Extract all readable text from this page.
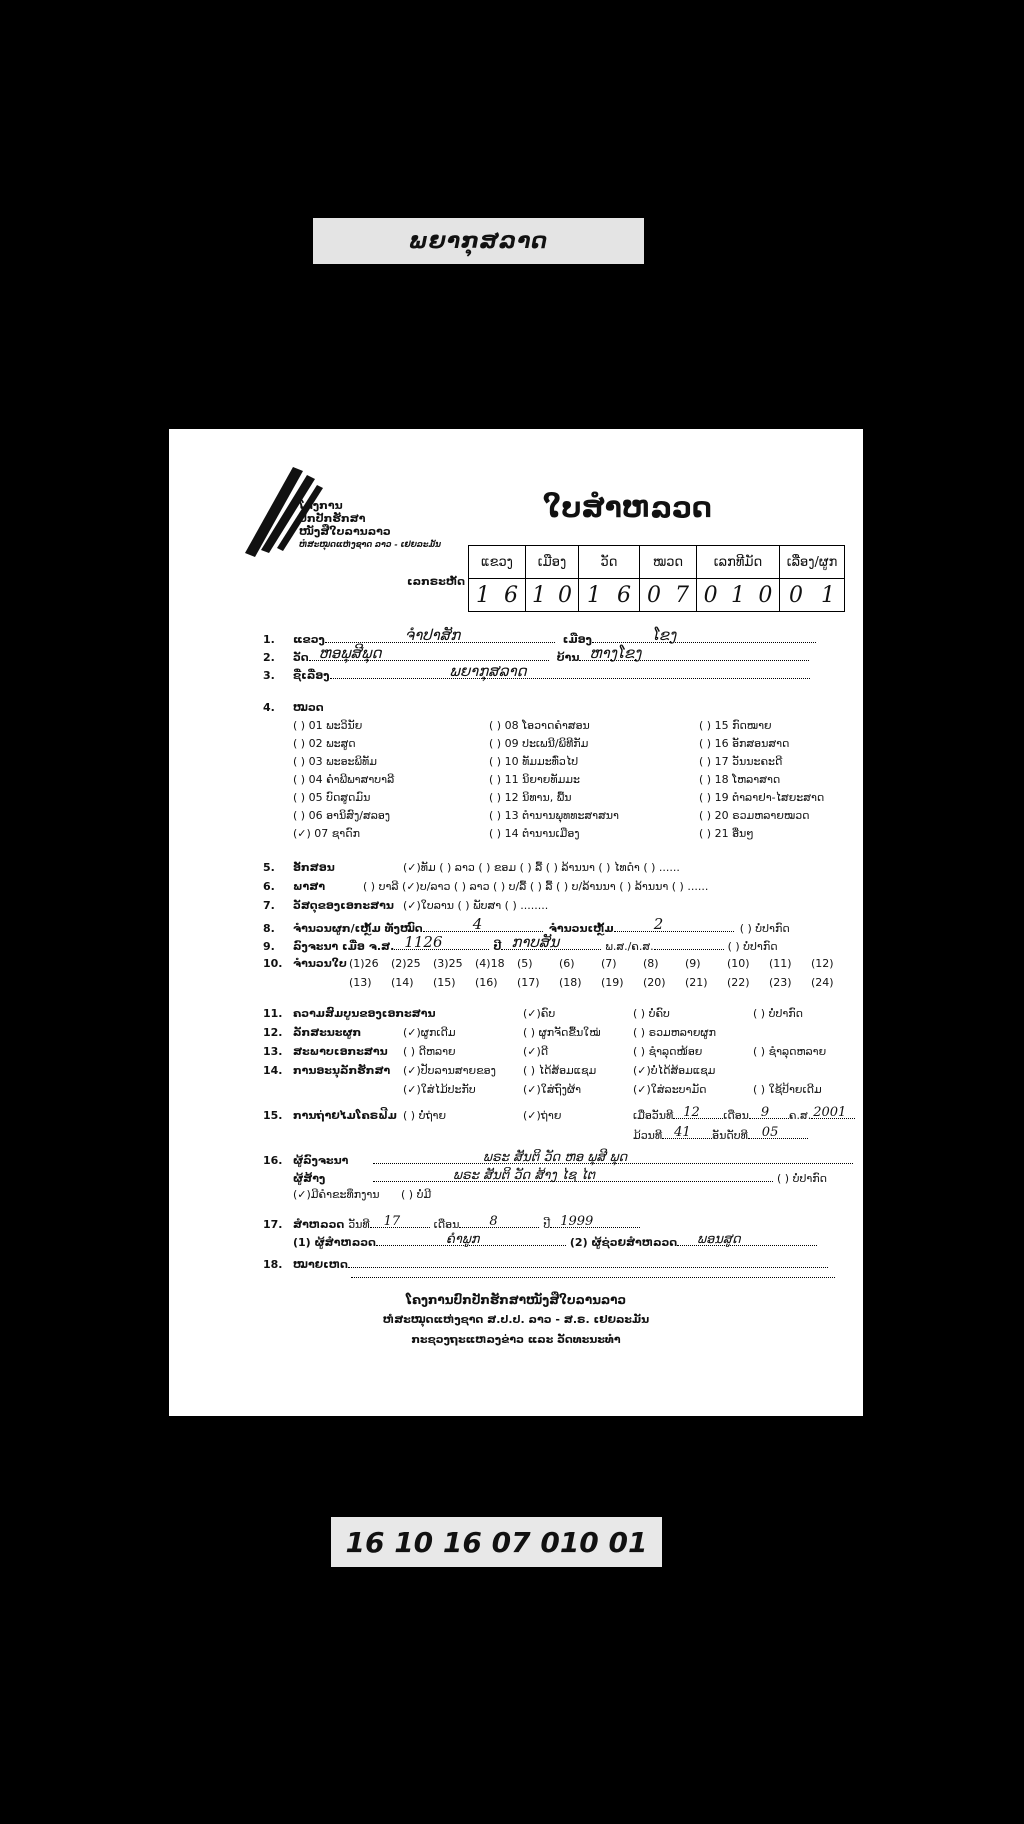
ພຍາກຸສລາດ
ໂຄງການ
ປົກປັກຮັກສາ
ໜັງສືໃບລານລາວ
ຫໍສະໝຸດແຫ່ງຊາດ ລາວ - ເຢຍລະມັນ
ໃບສຳຫລວດ
ເລກຣະຫັດ
ແຂວງ	ເມືອງ	ວັດ	ໝວດ	ເລກທີມັດ	ເລື່ອງ/ຜູກ

1 6	1 0	1 6	0 7	0 1 0	0 1
1.	ແຂວງ	ຈຳປາສັກ	ເມືອງ	ໂຂງ
2.	ວັດ ຫອພຸສີພຸດ	ບ້ານ ຫາງໂຂງ
3.	ຊື່ເລື່ອງ	ພຍາກຸສລາດ
4.	ໝວດ
( ) 01 ພະວິນັຍ	( ) 08 ໂອວາດຄຳສອນ	( ) 15 ກົດໝາຍ
( ) 02 ພະສູດ	( ) 09 ປະເພນີ/ພິທີກັມ	( ) 16 ອັກສອນສາດ
( ) 03 ພະອະພິທັມ	( ) 10 ທັມມະທົ່ວໄປ	( ) 17 ວັນນະຄະດີ
( ) 04 ຄຳພີພາສາບາລີ	( ) 11 ນິຍາຍທັມມະ	( ) 18 ໂຫລາສາດ
( ) 05 ບົດສູດມົນ	( ) 12 ນິທານ, ພື້ນ	( ) 19 ຕຳລາຢາ-ໄສຍະສາດ
( ) 06 ອານິສົງ/ສລອງ	( ) 13 ຕຳນານພຸທທະສາສນາ	( ) 20 ຣວມຫລາຍໝວດ
(✓) 07 ຊາດົກ	( ) 14 ຕຳນານເມືອງ	( ) 21 ອື່ນໆ
5.	ອັກສອນ	(✓)ທັມ ( ) ລາວ ( ) ຂອມ ( ) ລື້ ( ) ລ້ານນາ ( ) ໄທດຳ ( ) ......
6.	ພາສາ	( ) ບາລີ (✓)ບ/ລາວ ( ) ລາວ ( ) ບ/ລື້ ( ) ລື້ ( ) ບ/ລ້ານນາ ( ) ລ້ານນາ ( ) ......
7.	ວັສດຸຂອງເອກະສານ (✓)ໃບລານ ( ) ພັບສາ ( ) ........
8.	ຈຳນວນຜູກ/ເຫຼັ້ມ ທັງໝົດ	4	ຈຳນວນເຫຼັ້ມ	2	( ) ບໍ່ປາກົດ
9.	ລົງຈະນາ ເມື່ອ ຈ.ສ. 1126	ປີ ກາບສັນ	ພ.ສ./ຄ.ສ.	( ) ບໍ່ປາກົດ
10. ຈຳນວນໃບ (1)26	(2)25	(3)25	(4)18	(5)	(6)	(7)	(8)	(9)	(10)	(11)	(12)
(13)	(14)	(15)	(16)	(17)	(18)	(19)	(20)	(21)	(22)	(23)	(24)
11. ຄວາມສົມບູນຂອງເອກະສານ	(✓)ຄົບ	( ) ບໍ່ຄົບ	( ) ບໍ່ປາກົດ
12. ລັກສະນະຜູກ	(✓)ຜູກເດີມ	( ) ຜູກຈັດຂື້ນໃໝ່	( ) ຣວມຫລາຍຜູກ
13. ສະພາບເອກະສານ	( ) ດີຫລາຍ	(✓)ດີ	( ) ຊຳລຸດໜ້ອຍ	( ) ຊຳລຸດຫລາຍ
14. ການອະນຸລັກຮັກສາ	(✓)ປັບລານສາຍຂອງ	( ) ໄດ້ສ້ອມແຊມ	(✓)ບໍ່ໄດ້ສ້ອມແຊມ
(✓)ໃສ່ໄມ້ປະກັບ	(✓)ໃສ່ຖົງຜ້າ	(✓)ໃສ່ລະບາມັດ	( ) ໃຊ້ປ້າຍເດີມ
15. ການຖ່າຍໄມໂຄຣຟີມ ( ) ບໍ່ຖ່າຍ	(✓)ຖ່າຍ	ເມື່ອວັນທີ 12 ເດືອນ 9 ຄ.ສ. 2001
ມ້ວນທີ 41 ອັນດັບທີ 05
16. ຜູ້ລົງຈະນາ	ພຣະ ສັນຕິ ວັດ ຫອ ພຸສີ ພຸດ
ຜູ້ສ້າງ	ພຣະ ສັນຕິ ວັດ ສ້າງ ໄຊ ໄຕ	( ) ບໍ່ປາກົດ
(✓)ມີຄຳຂະທຶກງານ	( ) ບໍ່ມີ
17. ສຳຫລວດ ວັນທີ 17	ເດືອນ 8	ປີ 1999
(1) ຜູ້ສຳຫລວດ	ຄຳພູກ	(2) ຜູ້ຊ່ວຍສຳຫລວດ ພອນສູດ
18. ໝາຍເຫດ
ໂຄງການປົກປັກຮັກສາໜັງສືໃບລານລາວ
ຫໍສະໝຸດແຫ່ງຊາດ ສ.ປ.ປ. ລາວ - ສ.ຣ. ເຢຍລະມັນ
ກະຊວງຖະແຫລງຂ່າວ ແລະ ວັດທະນະທຳ
16 10 16 07 010 01
